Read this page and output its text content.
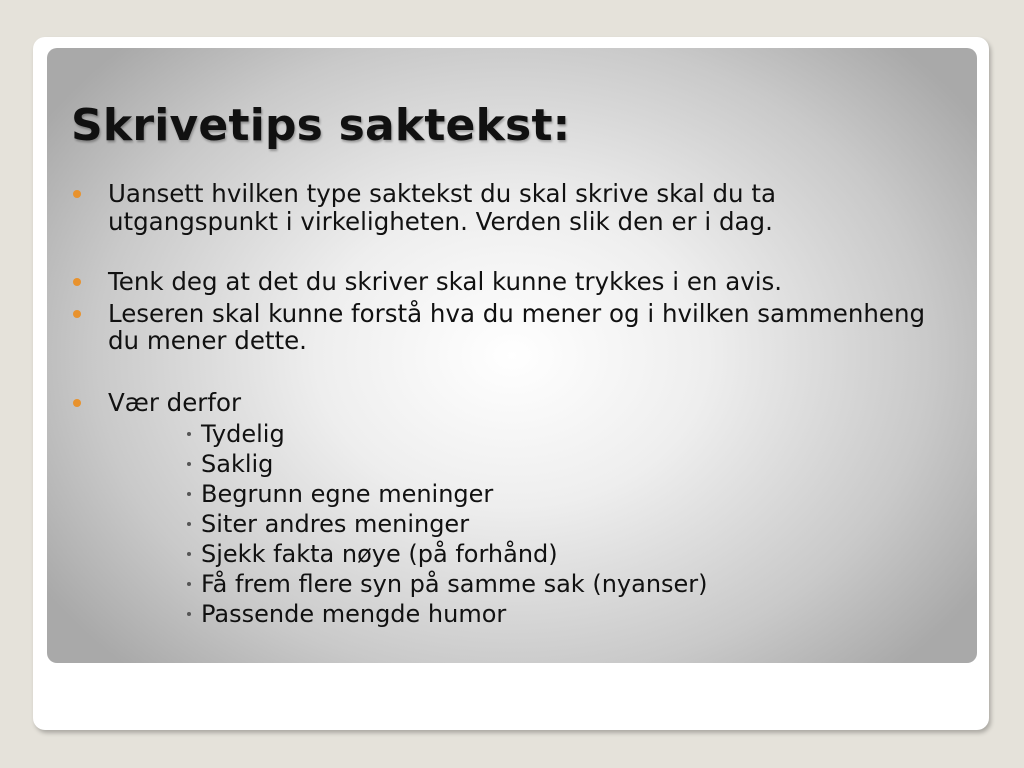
Skrivetips saktekst:
Uansett hvilken type saktekst du skal skrive skal du ta utgangspunkt i virkeligheten. Verden slik den er i dag.
Tenk deg at det du skriver skal kunne trykkes i en avis.
Leseren skal kunne forstå hva du mener og i hvilken sammenheng du mener dette.
Vær derfor
Tydelig
Saklig
Begrunn egne meninger
Siter andres meninger
Sjekk fakta nøye (på forhånd)
Få frem flere syn på samme sak (nyanser)
Passende mengde humor
